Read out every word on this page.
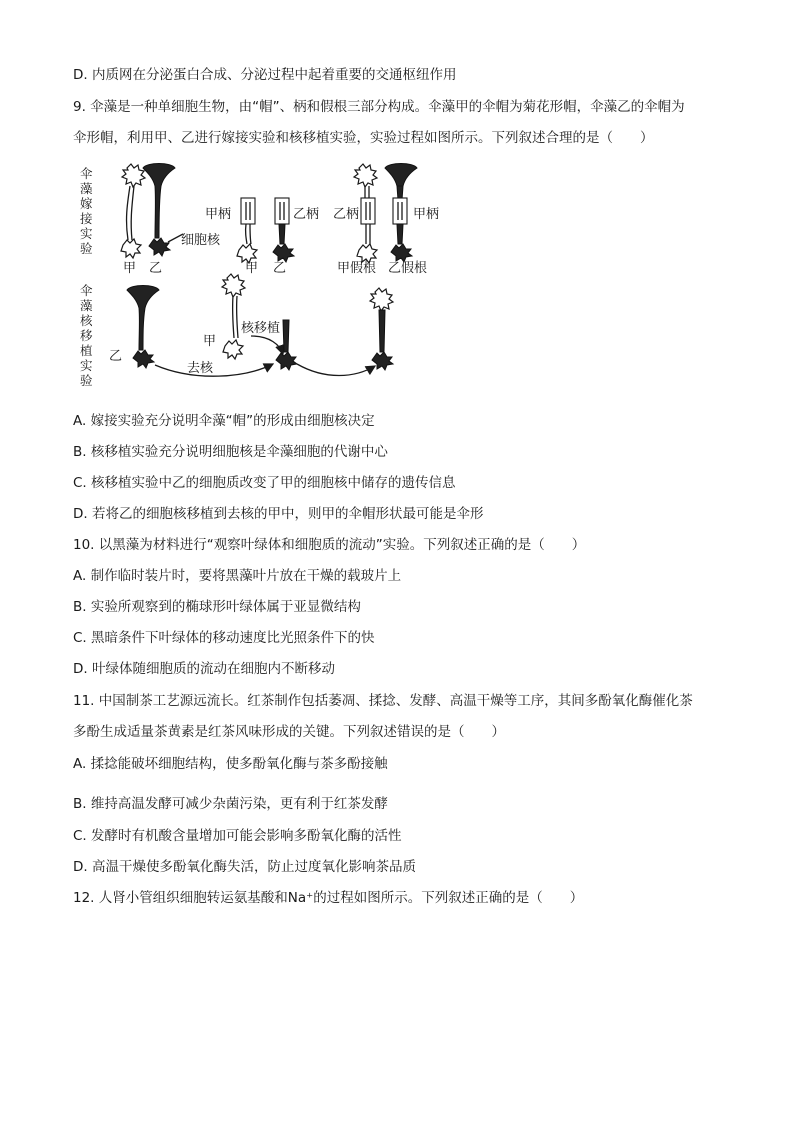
D. 内质网在分泌蛋白合成、分泌过程中起着重要的交通枢纽作用
9. 伞藻是一种单细胞生物，由“帽”、柄和假根三部分构成。伞藻甲的伞帽为菊花形帽，伞藻乙的伞帽为
伞形帽，利用甲、乙进行嫁接实验和核移植实验，实验过程如图所示。下列叙述合理的是（　　）
伞
藻
嫁
接
实
验
伞
藻
核
移
植
实
验
细胞核
甲 乙
甲柄	乙柄
甲 乙
乙柄	甲柄
甲假根 乙假根
乙
甲
核移植
去核
A. 嫁接实验充分说明伞藻“帽”的形成由细胞核决定
B. 核移植实验充分说明细胞核是伞藻细胞的代谢中心
C. 核移植实验中乙的细胞质改变了甲的细胞核中储存的遗传信息
D. 若将乙的细胞核移植到去核的甲中，则甲的伞帽形状最可能是伞形
10. 以黑藻为材料进行“观察叶绿体和细胞质的流动”实验。下列叙述正确的是（　　）
A. 制作临时装片时，要将黑藻叶片放在干燥的载玻片上
B. 实验所观察到的椭球形叶绿体属于亚显微结构
C. 黑暗条件下叶绿体的移动速度比光照条件下的快
D. 叶绿体随细胞质的流动在细胞内不断移动
11. 中国制茶工艺源远流长。红茶制作包括萎凋、揉捻、发酵、高温干燥等工序，其间多酚氧化酶催化茶
多酚生成适量茶黄素是红茶风味形成的关键。下列叙述错误的是（　　）
A. 揉捻能破坏细胞结构，使多酚氧化酶与茶多酚接触
B. 维持高温发酵可减少杂菌污染，更有利于红茶发酵
C. 发酵时有机酸含量增加可能会影响多酚氧化酶的活性
D. 高温干燥使多酚氧化酶失活，防止过度氧化影响茶品质
12. 人肾小管组织细胞转运氨基酸和Na⁺的过程如图所示。下列叙述正确的是（　　）
